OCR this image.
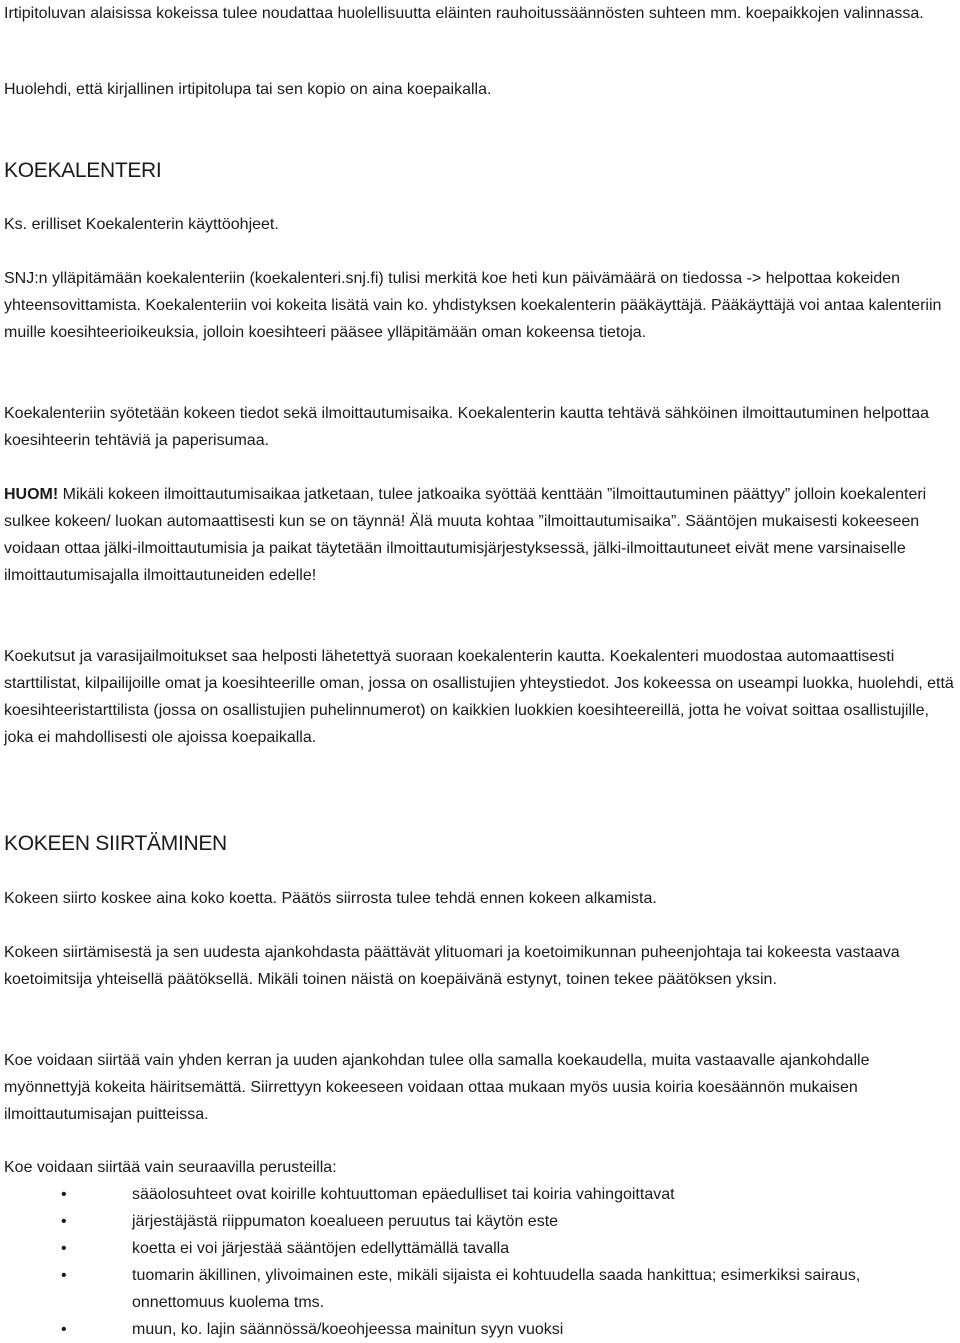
Irtipitoluvan alaisissa kokeissa tulee noudattaa huolellisuutta eläinten rauhoitussäännösten suhteen mm. koepaikkojen valinnassa.

Huolehdi, että kirjallinen irtipitolupa tai sen kopio on aina koepaikalla.

KOEKALENTERI

Ks. erilliset Koekalenterin käyttöohjeet.

SNJ:n ylläpitämään koekalenteriin (koekalenteri.snj.fi) tulisi merkitä koe heti kun päivämäärä on tiedossa -> helpottaa kokeiden yhteensovittamista. Koekalenteriin voi kokeita lisätä vain ko. yhdistyksen koekalenterin pääkäyttäjä. Pääkäyttäjä voi antaa kalenteriin muille koesihteerioikeuksia, jolloin koesihteeri pääsee ylläpitämään oman kokeensa tietoja.

Koekalenteriin syötetään kokeen tiedot sekä ilmoittautumisaika. Koekalenterin kautta tehtävä sähköinen ilmoittautuminen helpottaa koesihteerin tehtäviä ja paperisumaa.

HUOM! Mikäli kokeen ilmoittautumisaikaa jatketaan, tulee jatkoaika syöttää kenttään ”ilmoittautuminen päättyy” jolloin koekalenteri sulkee kokeen/ luokan automaattisesti kun se on täynnä! Älä muuta kohtaa ”ilmoittautumisaika”. Sääntöjen mukaisesti kokeeseen voidaan ottaa jälki-ilmoittautumisia ja paikat täytetään ilmoittautumisjärjestyksessä, jälki-ilmoittautuneet eivät mene varsinaiselle ilmoittautumisajalla ilmoittautuneiden edelle!

Koekutsut ja varasijailmoitukset saa helposti lähetettyä suoraan koekalenterin kautta. Koekalenteri muodostaa automaattisesti starttilistat, kilpailijoille omat ja koesihteerille oman, jossa on osallistujien yhteystiedot. Jos kokeessa on useampi luokka, huolehdi, että koesihteeristarttilista (jossa on osallistujien puhelinnumerot) on kaikkien luokkien koesihteereillä, jotta he voivat soittaa osallistujille, joka ei mahdollisesti ole ajoissa koepaikalla.

KOKEEN SIIRTÄMINEN

Kokeen siirto koskee aina koko koetta. Päätös siirrosta tulee tehdä ennen kokeen alkamista.

Kokeen siirtämisestä ja sen uudesta ajankohdasta päättävät ylituomari ja koetoimikunnan puheenjohtaja tai kokeesta vastaava koetoimitsija yhteisellä päätöksellä. Mikäli toinen näistä on koepäivänä estynyt, toinen tekee päätöksen yksin.

Koe voidaan siirtää vain yhden kerran ja uuden ajankohdan tulee olla samalla koekaudella, muita vastaavalle ajankohdalle myönnettyjä kokeita häiritsemättä. Siirrettyyn kokeeseen voidaan ottaa mukaan myös uusia koiria koesäännön mukaisen ilmoittautumisajan puitteissa.

Koe voidaan siirtää vain seuraavilla perusteilla:

•	sääolosuhteet ovat koirille kohtuuttoman epäedulliset tai koiria vahingoittavat
•	järjestäjästä riippumaton koealueen peruutus tai käytön este
•	koetta ei voi järjestää sääntöjen edellyttämällä tavalla
•	tuomarin äkillinen, ylivoimainen este, mikäli sijaista ei kohtuudella saada hankittua; esimerkiksi sairaus, onnettomuus kuolema tms.
•	muun, ko. lajin säännössä/koeohjeessa mainitun syyn vuoksi
